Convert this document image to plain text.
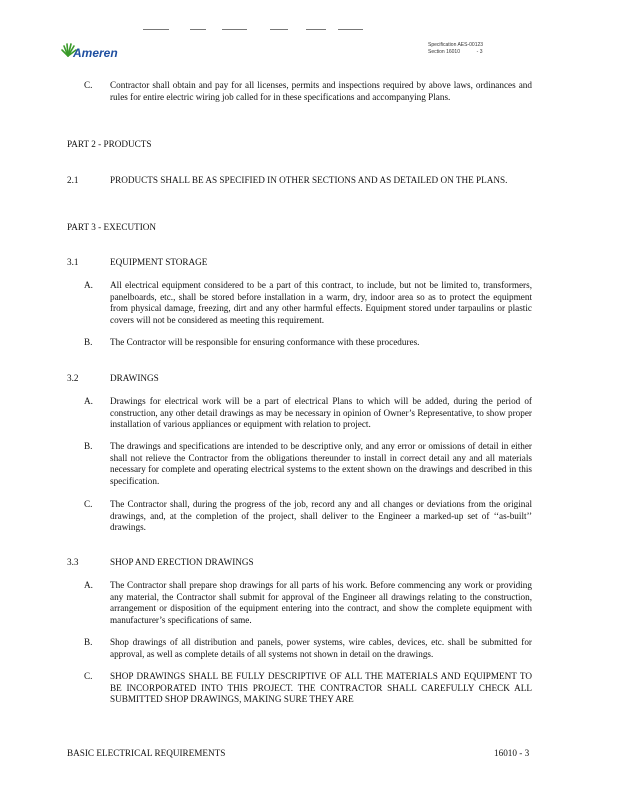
Ameren
Specification AES-00123
Section 16010	- 3
C. Contractor shall obtain and pay for all licenses, permits and inspections required by above laws, ordinances and rules for entire electric wiring job called for in these specifications and accompanying Plans.
PART 2 - PRODUCTS
2.1	PRODUCTS SHALL BE AS SPECIFIED IN OTHER SECTIONS AND AS DETAILED ON THE PLANS.
PART 3 - EXECUTION
3.1	EQUIPMENT STORAGE
A. All electrical equipment considered to be a part of this contract, to include, but not be limited to, transformers, panelboards, etc., shall be stored before installation in a warm, dry, indoor area so as to protect the equipment from physical damage, freezing, dirt and any other harmful effects. Equipment stored under tarpaulins or plastic covers will not be considered as meeting this requirement.
B. The Contractor will be responsible for ensuring conformance with these procedures.
3.2	DRAWINGS
A. Drawings for electrical work will be a part of electrical Plans to which will be added, during the period of construction, any other detail drawings as may be necessary in opinion of Owner’s Representative, to show proper installation of various appliances or equipment with relation to project.
B. The drawings and specifications are intended to be descriptive only, and any error or omissions of detail in either shall not relieve the Contractor from the obligations thereunder to install in correct detail any and all materials necessary for complete and operating electrical systems to the extent shown on the drawings and described in this specification.
C. The Contractor shall, during the progress of the job, record any and all changes or deviations from the original drawings, and, at the completion of the project, shall deliver to the Engineer a marked-up set of ‘‘as-built’’ drawings.
3.3	SHOP AND ERECTION DRAWINGS
A. The Contractor shall prepare shop drawings for all parts of his work. Before commencing any work or providing any material, the Contractor shall submit for approval of the Engineer all drawings relating to the construction, arrangement or disposition of the equipment entering into the contract, and show the complete equipment with manufacturer’s specifications of same.
B. Shop drawings of all distribution and panels, power systems, wire cables, devices, etc. shall be submitted for approval, as well as complete details of all systems not shown in detail on the drawings.
C. SHOP DRAWINGS SHALL BE FULLY DESCRIPTIVE OF ALL THE MATERIALS AND EQUIPMENT TO BE INCORPORATED INTO THIS PROJECT. THE CONTRACTOR SHALL CAREFULLY CHECK ALL SUBMITTED SHOP DRAWINGS, MAKING SURE THEY ARE
BASIC ELECTRICAL REQUIREMENTS	16010 - 3
